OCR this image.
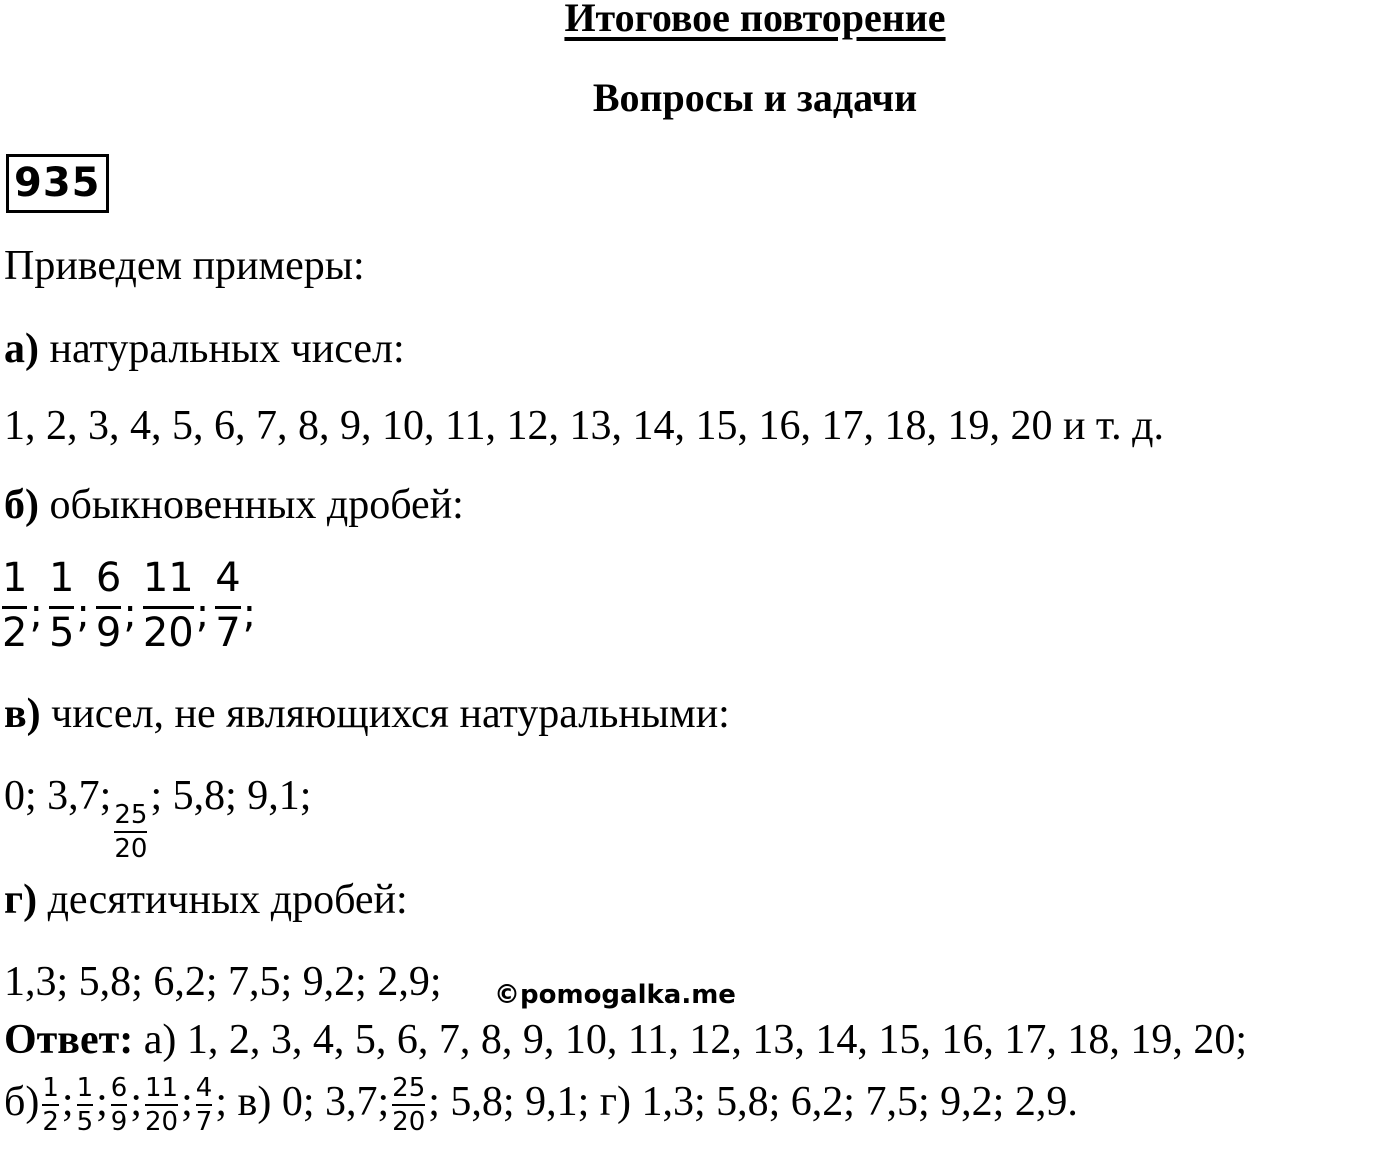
Итоговое повторение
Вопросы и задачи
935
Приведем примеры:
а) натуральных чисел:
1, 2, 3, 4, 5, 6, 7, 8, 9, 10, 11, 12, 13, 14, 15, 16, 17, 18, 19, 20 и т. д.
б) обыкновенных дробей:
$\frac{1}{2}$ ; $\frac{1}{5}$ ; $\frac{6}{9}$ ; $\frac{11}{20}$ ; $\frac{4}{7}$ ;
в) чисел, не являющихся натуральными:
0; 3,7;
$\frac{25}{20}$
; 5,8; 9,1;
г) десятичных дробей:
1,3; 5,8; 6,2; 7,5; 9,2; 2,9; ©pomogalka.me
Ответ: а) 1, 2, 3, 4, 5, 6, 7, 8, 9, 10, 11, 12, 13, 14, 15, 16, 17, 18, 19, 20;
$б) \frac{1}{2}$ ; $\frac{1}{5}$ ; $\frac{6}{9}$ ; $\frac{11}{20}$ ; $\frac{4}{7}$ ; в) 0; 3,7; $\frac{25}{20}$ ; 5,8; 9,1; г) 1,3; 5,8; 6,2; 7,5; 9,2; 2,9.
